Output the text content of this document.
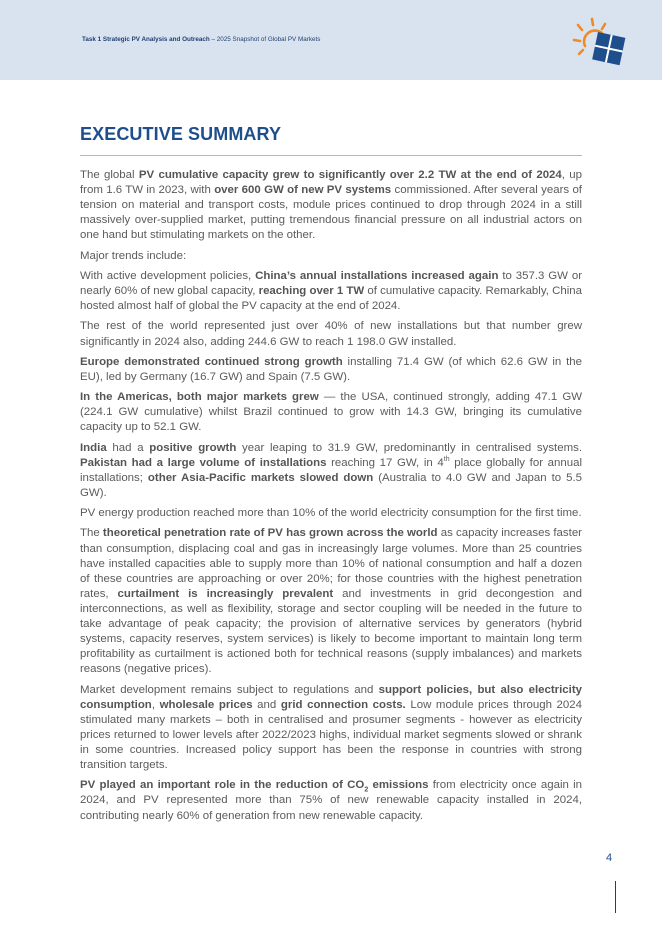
Task 1 Strategic PV Analysis and Outreach – 2025 Snapshot of Global PV Markets
EXECUTIVE SUMMARY

The global PV cumulative capacity grew to significantly over 2.2 TW at the end of 2024, up from 1.6 TW in 2023, with over 600 GW of new PV systems commissioned. After several years of tension on material and transport costs, module prices continued to drop through 2024 in a still massively over-supplied market, putting tremendous financial pressure on all industrial actors on one hand but stimulating markets on the other.

Major trends include:

With active development policies, China’s annual installations increased again to 357.3 GW or nearly 60% of new global capacity, reaching over 1 TW of cumulative capacity. Remarkably, China hosted almost half of global the PV capacity at the end of 2024.

The rest of the world represented just over 40% of new installations but that number grew significantly in 2024 also, adding 244.6 GW to reach 1 198.0 GW installed.

Europe demonstrated continued strong growth installing 71.4 GW (of which 62.6 GW in the EU), led by Germany (16.7 GW) and Spain (7.5 GW).

In the Americas, both major markets grew — the USA, continued strongly, adding 47.1 GW (224.1 GW cumulative) whilst Brazil continued to grow with 14.3 GW, bringing its cumulative capacity up to 52.1 GW.

India had a positive growth year leaping to 31.9 GW, predominantly in centralised systems. Pakistan had a large volume of installations reaching 17 GW, in 4th place globally for annual installations; other Asia-Pacific markets slowed down (Australia to 4.0 GW and Japan to 5.5 GW).

PV energy production reached more than 10% of the world electricity consumption for the first time.

The theoretical penetration rate of PV has grown across the world as capacity increases faster than consumption, displacing coal and gas in increasingly large volumes. More than 25 countries have installed capacities able to supply more than 10% of national consumption and half a dozen of these countries are approaching or over 20%; for those countries with the highest penetration rates, curtailment is increasingly prevalent and investments in grid decongestion and interconnections, as well as flexibility, storage and sector coupling will be needed in the future to take advantage of peak capacity; the provision of alternative services by generators (hybrid systems, capacity reserves, system services) is likely to become important to maintain long term profitability as curtailment is actioned both for technical reasons (supply imbalances) and markets reasons (negative prices).

Market development remains subject to regulations and support policies, but also electricity consumption, wholesale prices and grid connection costs. Low module prices through 2024 stimulated many markets – both in centralised and prosumer segments - however as electricity prices returned to lower levels after 2022/2023 highs, individual market segments slowed or shrank in some countries. Increased policy support has been the response in countries with strong transition targets.

PV played an important role in the reduction of $CO_2$ emissions from electricity once again in 2024, and PV represented more than 75% of new renewable capacity installed in 2024, contributing nearly 60% of generation from new renewable capacity.

4
